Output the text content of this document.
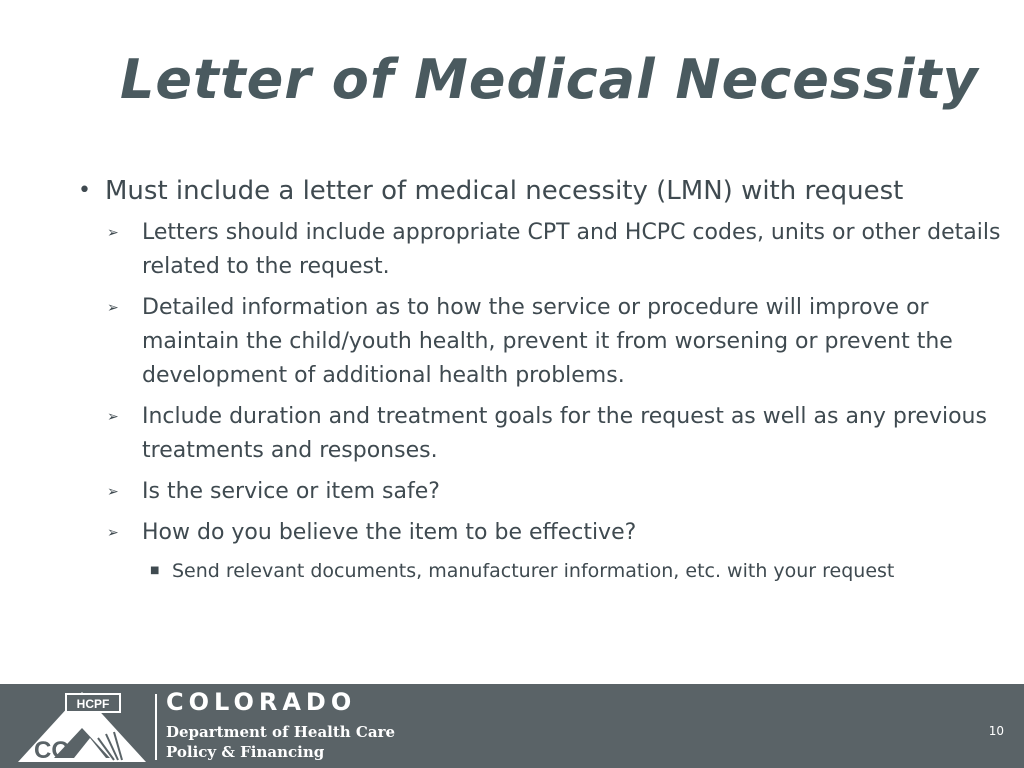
Letter of Medical Necessity
• Must include a letter of medical necessity (LMN) with request
➢	Letters should include appropriate CPT and HCPC codes, units or other details related to the request.
➢	Detailed information as to how the service or procedure will improve or maintain the child/youth health, prevent it from worsening or prevent the development of additional health problems.
➢	Include duration and treatment goals for the request as well as any previous treatments and responses.
➢	Is the service or item safe?
➢	How do you believe the item to be effective?
■ Send relevant documents, manufacturer information, etc. with your request
HCPF
CO
COLORADO
Department of Health Care
Policy & Financing
10
